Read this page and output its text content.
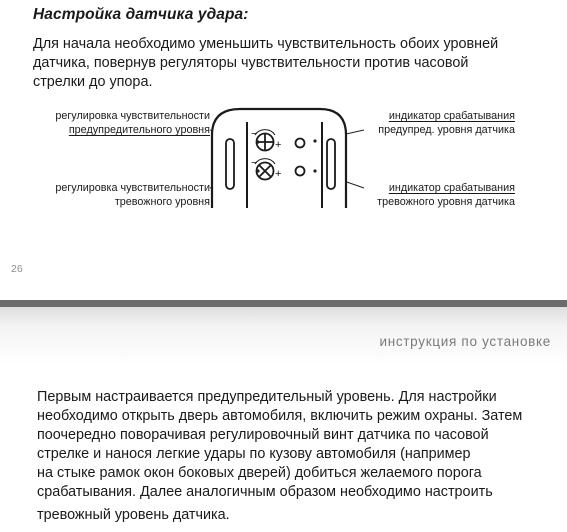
Настройка датчика удара:
Для начала необходимо уменьшить чувствительность обоих уровней
датчика, повернув регуляторы чувствительности против часовой
стрелки до упора.
−
+
−
+
регулировка чувствительности
предупредительного уровня
регулировка чувствительности
тревожного уровня
индикатор срабатывания
предупред. уровня датчика
индикатор срабатывания
тревожного уровня датчика
26
инструкция по установке
Первым настраивается предупредительный уровень. Для настройки
необходимо открыть дверь автомобиля, включить режим охраны. Затем
поочередно поворачивая регулировочный винт датчика по часовой
стрелке и нанося легкие удары по кузову автомобиля (например
на стыке рамок окон боковых дверей) добиться желаемого порога
срабатывания. Далее аналогичным образом необходимо настроить
тревожный уровень датчика.
